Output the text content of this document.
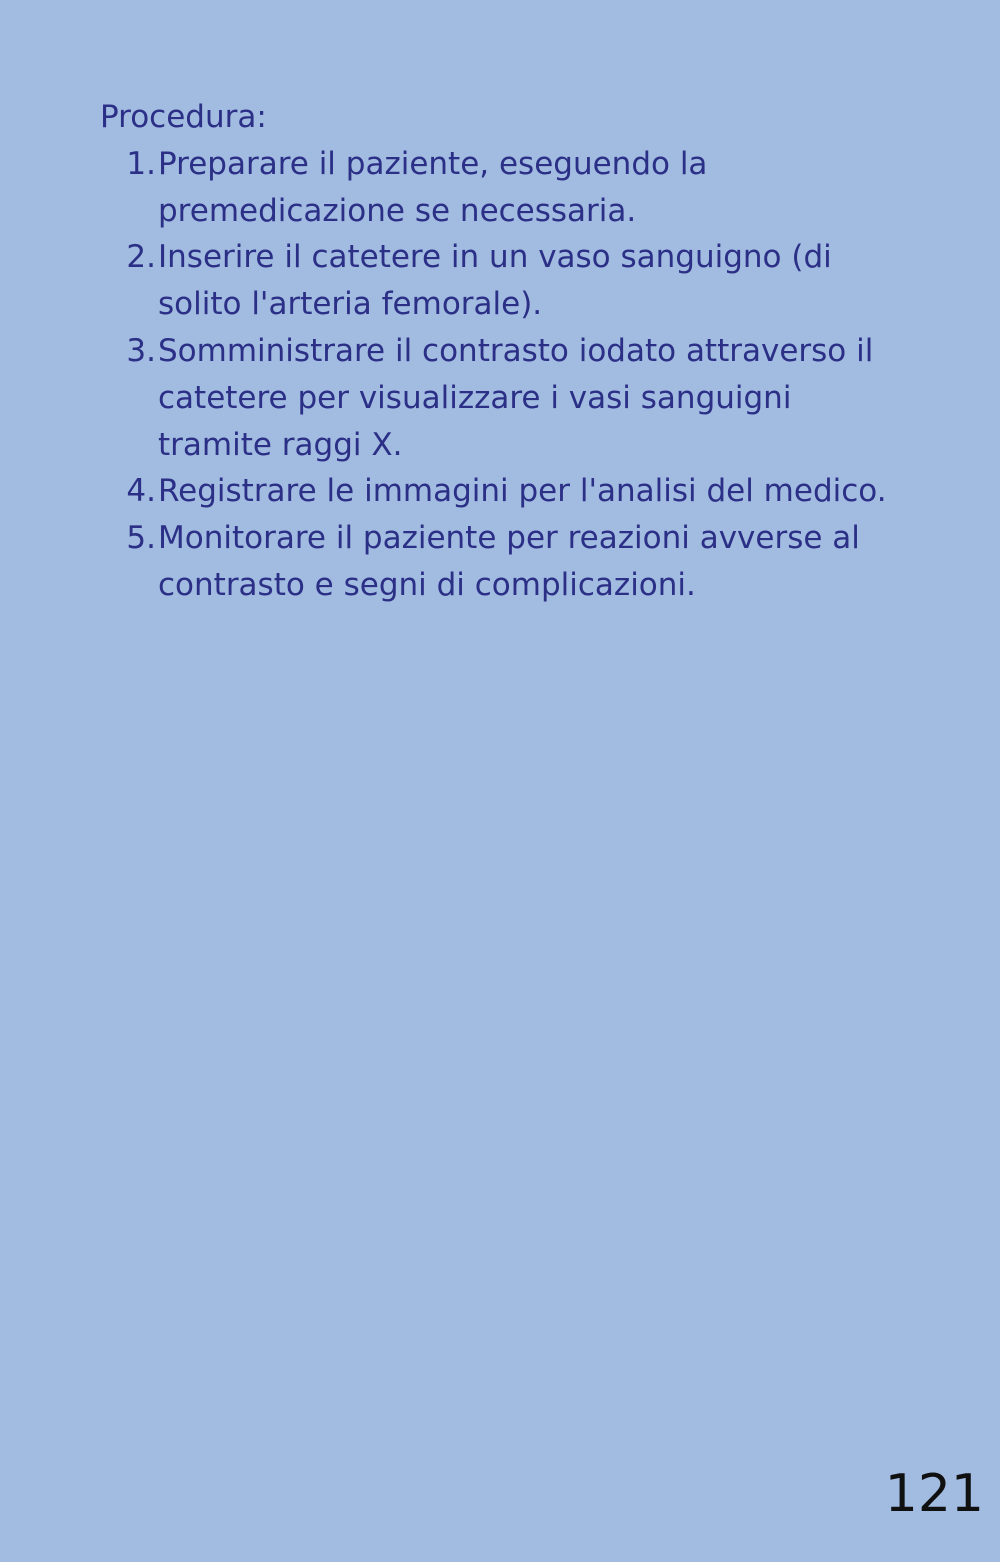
Procedura:

1. Preparare il paziente, eseguendo la premedicazione se necessaria.
2. Inserire il catetere in un vaso sanguigno (di solito l'arteria femorale).
3. Somministrare il contrasto iodato attraverso il catetere per visualizzare i vasi sanguigni tramite raggi X.
4. Registrare le immagini per l'analisi del medico.
5. Monitorare il paziente per reazioni avverse al contrasto e segni di complicazioni.
121
